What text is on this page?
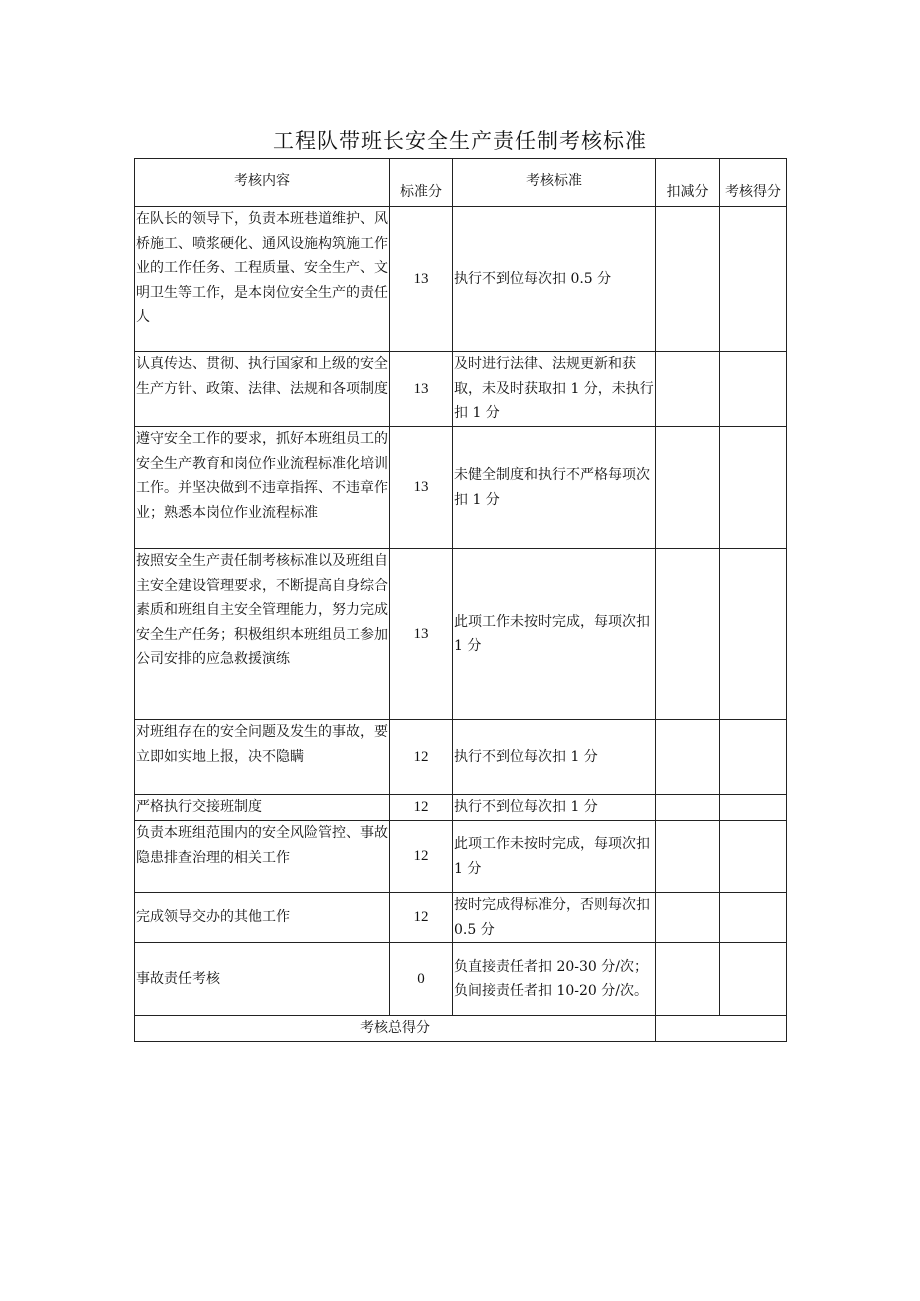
工程队带班长安全生产责任制考核标准
考核内容	标准分	考核标准	扣减分	考核得分
在队长的领导下，负责本班巷道维护、风桥施工、喷浆硬化、通风设施构筑施工作业的工作任务、工程质量、安全生产、文明卫生等工作，是本岗位安全生产的责任人	13	执行不到位每次扣 0.5 分		
认真传达、贯彻、执行国家和上级的安全生产方针、政策、法律、法规和各项制度	13	及时进行法律、法规更新和获取，未及时获取扣 1 分，未执行扣 1 分		
遵守安全工作的要求，抓好本班组员工的安全生产教育和岗位作业流程标准化培训工作。并坚决做到不违章指挥、不违章作业；熟悉本岗位作业流程标准	13	未健全制度和执行不严格每项次扣 1 分		
按照安全生产责任制考核标准以及班组自主安全建设管理要求，不断提高自身综合素质和班组自主安全管理能力，努力完成安全生产任务；积极组织本班组员工参加公司安排的应急救援演练	13	此项工作未按时完成，每项次扣 1 分		
对班组存在的安全问题及发生的事故，要立即如实地上报，决不隐瞒	12	执行不到位每次扣 1 分		
严格执行交接班制度	12	执行不到位每次扣 1 分		
负责本班组范围内的安全风险管控、事故隐患排查治理的相关工作	12	此项工作未按时完成，每项次扣 1 分		
完成领导交办的其他工作	12	按时完成得标准分，否则每次扣 0.5 分		
事故责任考核	0	负直接责任者扣 20-30 分/次；负间接责任者扣 10-20 分/次。		
考核总得分				
